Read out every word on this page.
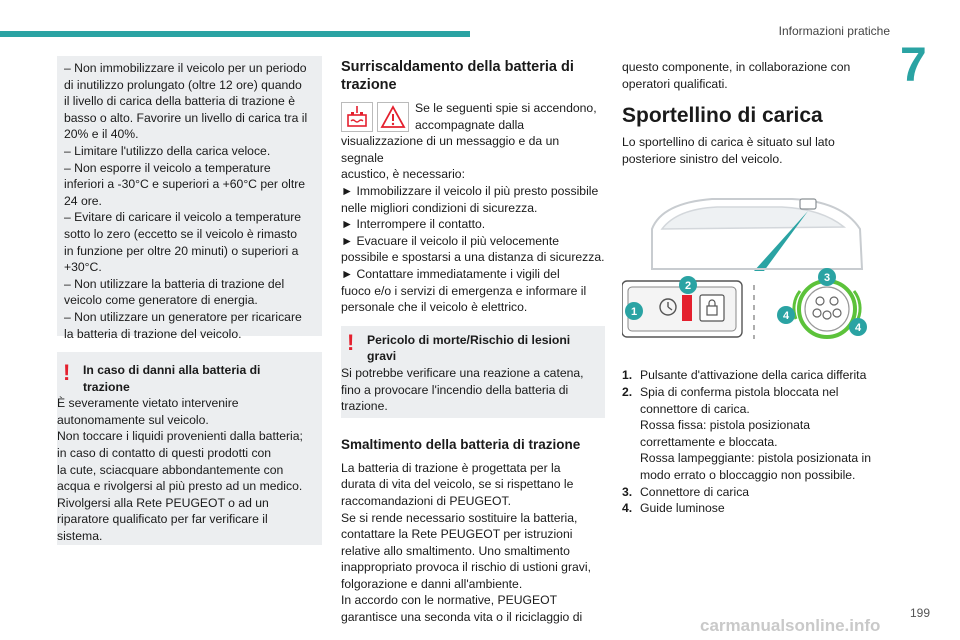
Informazioni pratiche
7
– Non immobilizzare il veicolo per un periodo
di inutilizzo prolungato (oltre 12 ore) quando
il livello di carica della batteria di trazione è
basso o alto. Favorire un livello di carica tra il
20% e il 40%.
– Limitare l'utilizzo della carica veloce.
– Non esporre il veicolo a temperature
inferiori a -30°C e superiori a +60°C per oltre
24 ore.
– Evitare di caricare il veicolo a temperature
sotto lo zero (eccetto se il veicolo è rimasto
in funzione per oltre 20 minuti) o superiori a
+30°C.
– Non utilizzare la batteria di trazione del
veicolo come generatore di energia.
– Non utilizzare un generatore per ricaricare
la batteria di trazione del veicolo.
!	In caso di danni alla batteria di
trazione
È severamente vietato intervenire
autonomamente sul veicolo.
Non toccare i liquidi provenienti dalla batteria;
in caso di contatto di questi prodotti con
la cute, sciacquare abbondantemente con
acqua e rivolgersi al più presto ad un medico.
Rivolgersi alla Rete PEUGEOT o ad un
riparatore qualificato per far verificare il
sistema.
Surriscaldamento della batteria di
trazione
Se le seguenti spie si accendono,
accompagnate dalla
visualizzazione di un messaggio e da un segnale
acustico, è necessario:
► Immobilizzare il veicolo il più presto possibile
nelle migliori condizioni di sicurezza.
► Interrompere il contatto.
► Evacuare il veicolo il più velocemente
possibile e spostarsi a una distanza di sicurezza.
► Contattare immediatamente i vigili del
fuoco e/o i servizi di emergenza e informare il
personale che il veicolo è elettrico.
!	Pericolo di morte/Rischio di lesioni
gravi
Si potrebbe verificare una reazione a catena,
fino a provocare l'incendio della batteria di
trazione.
Smaltimento della batteria di trazione
La batteria di trazione è progettata per la
durata di vita del veicolo, se si rispettano le
raccomandazioni di PEUGEOT.
Se si rende necessario sostituire la batteria,
contattare la Rete PEUGEOT per istruzioni
relative allo smaltimento. Uno smaltimento
inappropriato provoca il rischio di ustioni gravi,
folgorazione e danni all'ambiente.
In accordo con le normative, PEUGEOT
garantisce una seconda vita o il riciclaggio di
questo componente, in collaborazione con
operatori qualificati.
Sportellino di carica
Lo sportellino di carica è situato sul lato
posteriore sinistro del veicolo.
1
2
3
4
4
1. Pulsante d'attivazione della carica differita
2. Spia di conferma pistola bloccata nel
connettore di carica.
Rossa fissa: pistola posizionata
correttamente e bloccata.
Rossa lampeggiante: pistola posizionata in
modo errato o bloccaggio non possibile.
3. Connettore di carica
4. Guide luminose
199
carmanualsonline.info
